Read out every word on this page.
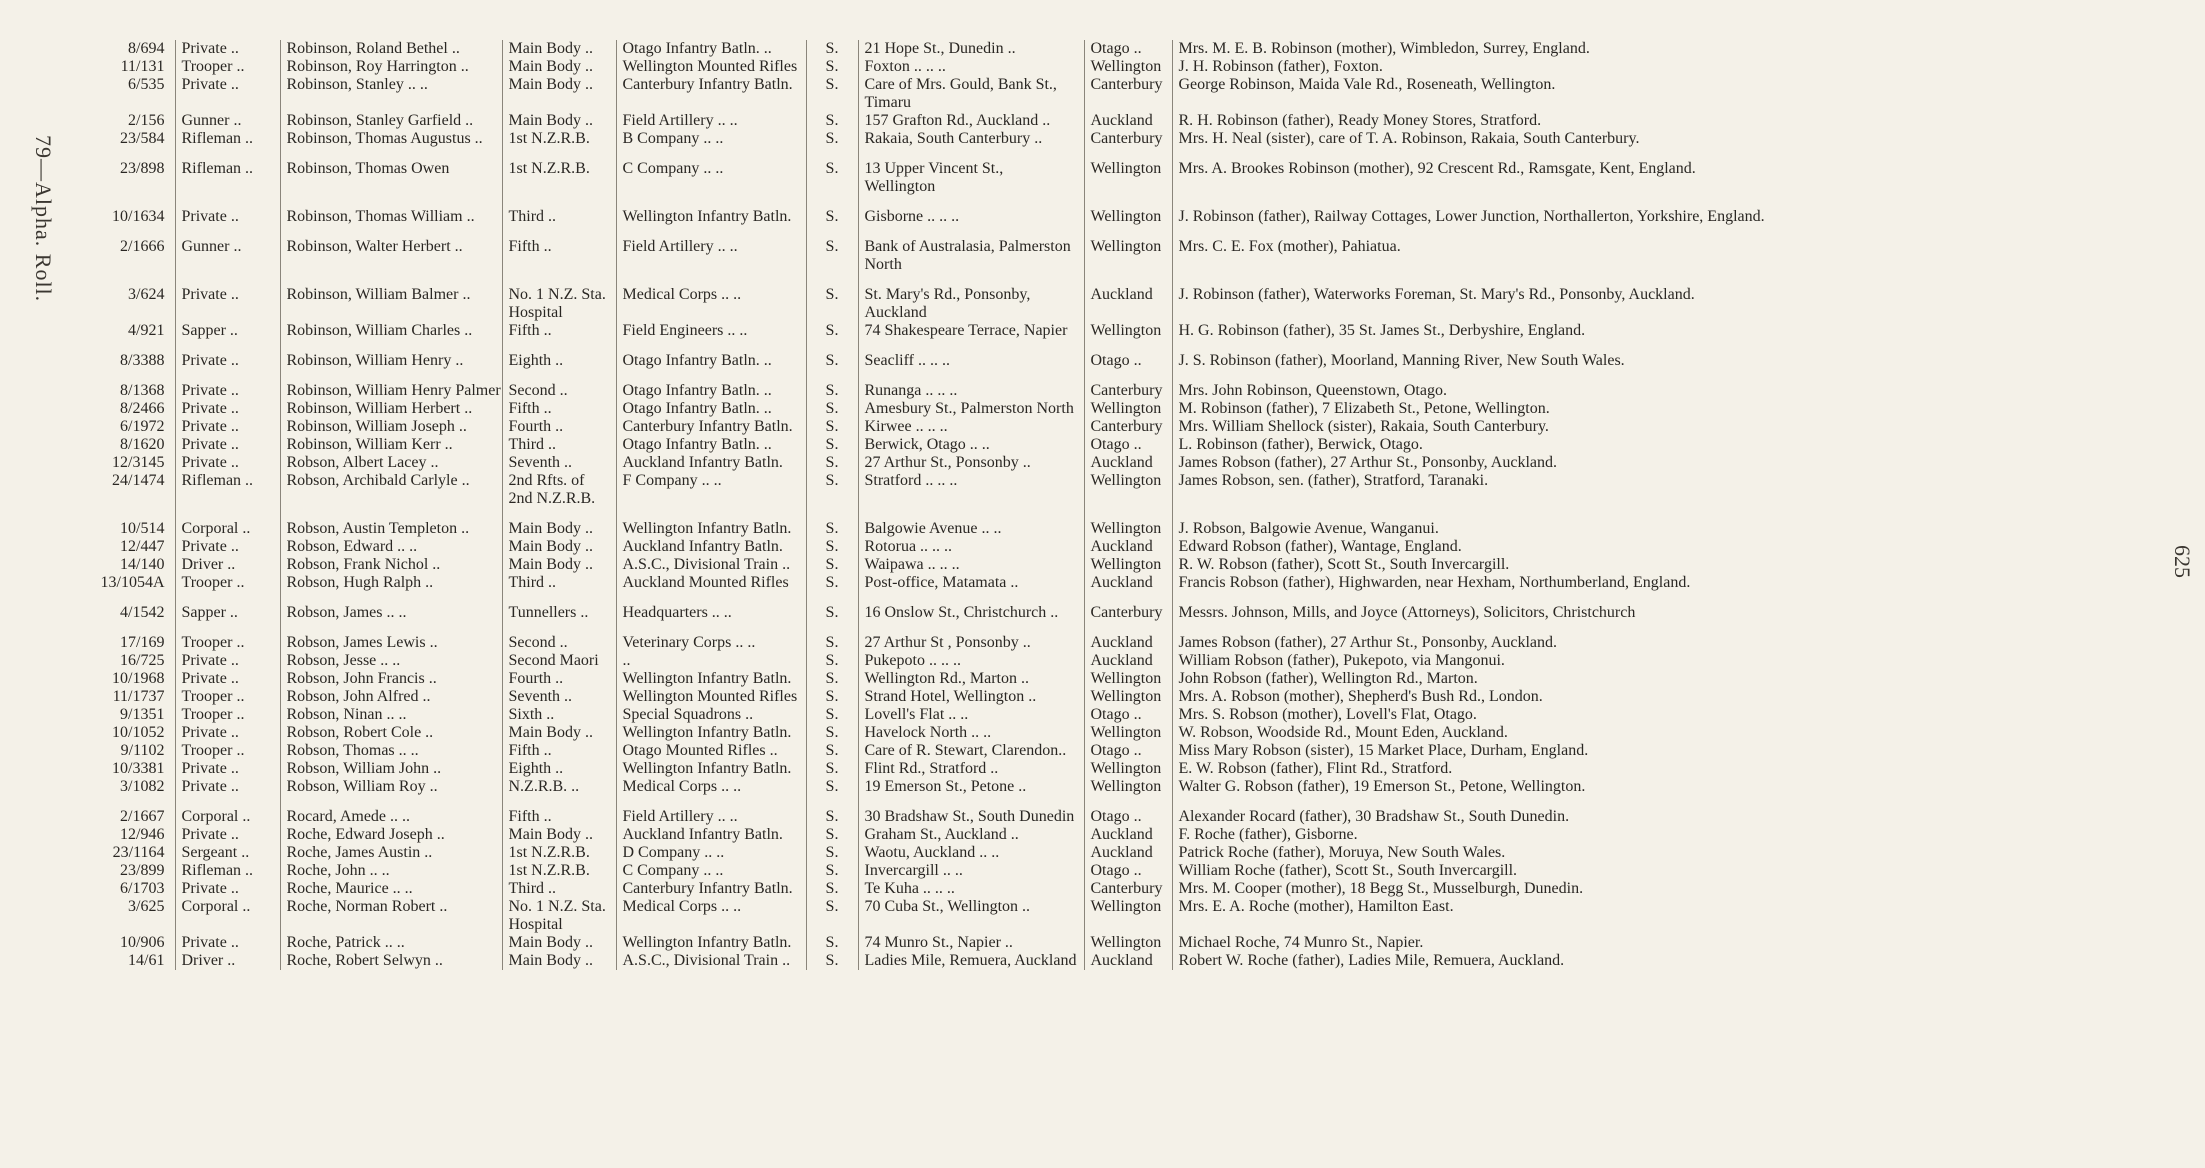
79—Alpha. Roll.
625
8/694	Private ..	Robinson, Roland Bethel ..	Main Body ..	Otago Infantry Batln. ..	S.	21 Hope St., Dunedin ..	Otago ..	Mrs. M. E. B. Robinson (mother), Wimbledon, Surrey, England.
11/131	Trooper ..	Robinson, Roy Harrington ..	Main Body ..	Wellington Mounted Rifles	S.	Foxton .. .. ..	Wellington	J. H. Robinson (father), Foxton.
6/535	Private ..	Robinson, Stanley .. ..	Main Body ..	Canterbury Infantry Batln.	S.	Care of Mrs. Gould, Bank St., Timaru	Canterbury	George Robinson, Maida Vale Rd., Roseneath, Wellington.
2/156	Gunner ..	Robinson, Stanley Garfield ..	Main Body ..	Field Artillery .. ..	S.	157 Grafton Rd., Auckland ..	Auckland	R. H. Robinson (father), Ready Money Stores, Stratford.
23/584	Rifleman ..	Robinson, Thomas Augustus ..	1st N.Z.R.B.	B Company .. ..	S.	Rakaia, South Canterbury ..	Canterbury	Mrs. H. Neal (sister), care of T. A. Robinson, Rakaia, South Canterbury.
23/898	Rifleman ..	Robinson, Thomas Owen	1st N.Z.R.B.	C Company .. ..	S.	13 Upper Vincent St., Wellington	Wellington	Mrs. A. Brookes Robinson (mother), 92 Crescent Rd., Ramsgate, Kent, England.
10/1634	Private ..	Robinson, Thomas William ..	Third ..	Wellington Infantry Batln.	S.	Gisborne .. .. ..	Wellington	J. Robinson (father), Railway Cottages, Lower Junction, Northallerton, Yorkshire, England.
2/1666	Gunner ..	Robinson, Walter Herbert ..	Fifth ..	Field Artillery .. ..	S.	Bank of Australasia, Palmerston North	Wellington	Mrs. C. E. Fox (mother), Pahiatua.
3/624	Private ..	Robinson, William Balmer ..	No. 1 N.Z. Sta. Hospital	Medical Corps .. ..	S.	St. Mary's Rd., Ponsonby, Auckland	Auckland	J. Robinson (father), Waterworks Foreman, St. Mary's Rd., Ponsonby, Auckland.
4/921	Sapper ..	Robinson, William Charles ..	Fifth ..	Field Engineers .. ..	S.	74 Shakespeare Terrace, Napier	Wellington	H. G. Robinson (father), 35 St. James St., Derbyshire, England.
8/3388	Private ..	Robinson, William Henry ..	Eighth ..	Otago Infantry Batln. ..	S.	Seacliff .. .. ..	Otago ..	J. S. Robinson (father), Moorland, Manning River, New South Wales.
8/1368	Private ..	Robinson, William Henry Palmer	Second ..	Otago Infantry Batln. ..	S.	Runanga .. .. ..	Canterbury	Mrs. John Robinson, Queenstown, Otago.
8/2466	Private ..	Robinson, William Herbert ..	Fifth ..	Otago Infantry Batln. ..	S.	Amesbury St., Palmerston North	Wellington	M. Robinson (father), 7 Elizabeth St., Petone, Wellington.
6/1972	Private ..	Robinson, William Joseph ..	Fourth ..	Canterbury Infantry Batln.	S.	Kirwee .. .. ..	Canterbury	Mrs. William Shellock (sister), Rakaia, South Canterbury.
8/1620	Private ..	Robinson, William Kerr ..	Third ..	Otago Infantry Batln. ..	S.	Berwick, Otago .. ..	Otago ..	L. Robinson (father), Berwick, Otago.
12/3145	Private ..	Robson, Albert Lacey ..	Seventh ..	Auckland Infantry Batln.	S.	27 Arthur St., Ponsonby ..	Auckland	James Robson (father), 27 Arthur St., Ponsonby, Auckland.
24/1474	Rifleman ..	Robson, Archibald Carlyle ..	2nd Rfts. of 2nd N.Z.R.B.	F Company .. ..	S.	Stratford .. .. ..	Wellington	James Robson, sen. (father), Stratford, Taranaki.
10/514	Corporal ..	Robson, Austin Templeton ..	Main Body ..	Wellington Infantry Batln.	S.	Balgowie Avenue .. ..	Wellington	J. Robson, Balgowie Avenue, Wanganui.
12/447	Private ..	Robson, Edward .. ..	Main Body ..	Auckland Infantry Batln.	S.	Rotorua .. .. ..	Auckland	Edward Robson (father), Wantage, England.
14/140	Driver ..	Robson, Frank Nichol ..	Main Body ..	A.S.C., Divisional Train ..	S.	Waipawa .. .. ..	Wellington	R. W. Robson (father), Scott St., South Invercargill.
13/1054A	Trooper ..	Robson, Hugh Ralph ..	Third ..	Auckland Mounted Rifles	S.	Post-office, Matamata ..	Auckland	Francis Robson (father), Highwarden, near Hexham, Northumberland, England.
4/1542	Sapper ..	Robson, James .. ..	Tunnellers ..	Headquarters .. ..	S.	16 Onslow St., Christchurch ..	Canterbury	Messrs. Johnson, Mills, and Joyce (Attorneys), Solicitors, Christchurch
17/169	Trooper ..	Robson, James Lewis ..	Second ..	Veterinary Corps .. ..	S.	27 Arthur St , Ponsonby ..	Auckland	James Robson (father), 27 Arthur St., Ponsonby, Auckland.
16/725	Private ..	Robson, Jesse .. ..	Second Maori	..	S.	Pukepoto .. .. ..	Auckland	William Robson (father), Pukepoto, via Mangonui.
10/1968	Private ..	Robson, John Francis ..	Fourth ..	Wellington Infantry Batln.	S.	Wellington Rd., Marton ..	Wellington	John Robson (father), Wellington Rd., Marton.
11/1737	Trooper ..	Robson, John Alfred ..	Seventh ..	Wellington Mounted Rifles	S.	Strand Hotel, Wellington ..	Wellington	Mrs. A. Robson (mother), Shepherd's Bush Rd., London.
9/1351	Trooper ..	Robson, Ninan .. ..	Sixth ..	Special Squadrons ..	S.	Lovell's Flat .. ..	Otago ..	Mrs. S. Robson (mother), Lovell's Flat, Otago.
10/1052	Private ..	Robson, Robert Cole ..	Main Body ..	Wellington Infantry Batln.	S.	Havelock North .. ..	Wellington	W. Robson, Woodside Rd., Mount Eden, Auckland.
9/1102	Trooper ..	Robson, Thomas .. ..	Fifth ..	Otago Mounted Rifles ..	S.	Care of R. Stewart, Clarendon..	Otago ..	Miss Mary Robson (sister), 15 Market Place, Durham, England.
10/3381	Private ..	Robson, William John ..	Eighth ..	Wellington Infantry Batln.	S.	Flint Rd., Stratford ..	Wellington	E. W. Robson (father), Flint Rd., Stratford.
3/1082	Private ..	Robson, William Roy ..	N.Z.R.B. ..	Medical Corps .. ..	S.	19 Emerson St., Petone ..	Wellington	Walter G. Robson (father), 19 Emerson St., Petone, Wellington.
2/1667	Corporal ..	Rocard, Amede .. ..	Fifth ..	Field Artillery .. ..	S.	30 Bradshaw St., South Dunedin	Otago ..	Alexander Rocard (father), 30 Bradshaw St., South Dunedin.
12/946	Private ..	Roche, Edward Joseph ..	Main Body ..	Auckland Infantry Batln.	S.	Graham St., Auckland ..	Auckland	F. Roche (father), Gisborne.
23/1164	Sergeant ..	Roche, James Austin ..	1st N.Z.R.B.	D Company .. ..	S.	Waotu, Auckland .. ..	Auckland	Patrick Roche (father), Moruya, New South Wales.
23/899	Rifleman ..	Roche, John .. ..	1st N.Z.R.B.	C Company .. ..	S.	Invercargill .. ..	Otago ..	William Roche (father), Scott St., South Invercargill.
6/1703	Private ..	Roche, Maurice .. ..	Third ..	Canterbury Infantry Batln.	S.	Te Kuha .. .. ..	Canterbury	Mrs. M. Cooper (mother), 18 Begg St., Musselburgh, Dunedin.
3/625	Corporal ..	Roche, Norman Robert ..	No. 1 N.Z. Sta. Hospital	Medical Corps .. ..	S.	70 Cuba St., Wellington ..	Wellington	Mrs. E. A. Roche (mother), Hamilton East.
10/906	Private ..	Roche, Patrick .. ..	Main Body ..	Wellington Infantry Batln.	S.	74 Munro St., Napier ..	Wellington	Michael Roche, 74 Munro St., Napier.
14/61	Driver ..	Roche, Robert Selwyn ..	Main Body ..	A.S.C., Divisional Train ..	S.	Ladies Mile, Remuera, Auckland	Auckland	Robert W. Roche (father), Ladies Mile, Remuera, Auckland.
